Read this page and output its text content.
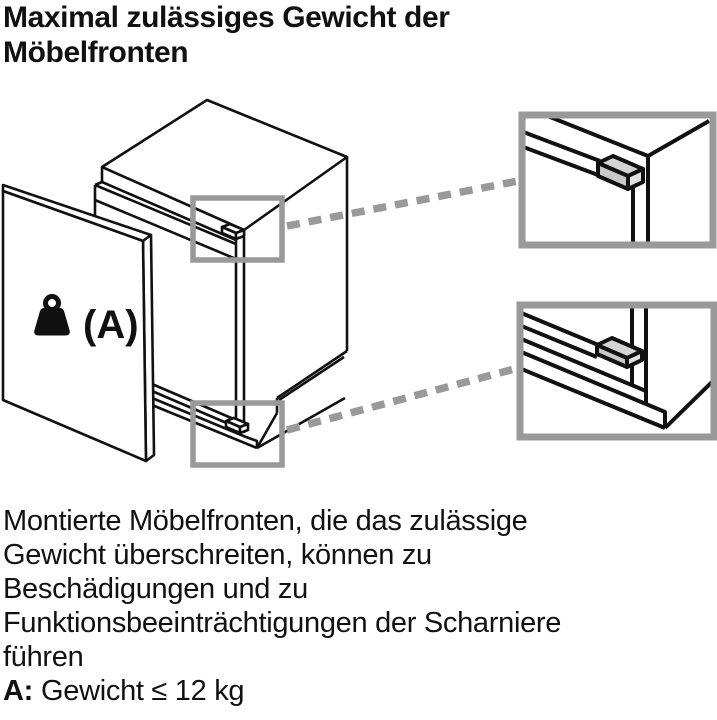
Maximal zulässiges Gewicht der
Möbelfronten
(A)
Montierte Möbelfronten, die das zulässige
Gewicht überschreiten, können zu
Beschädigungen und zu
Funktionsbeeinträchtigungen der Scharniere
führen
A: Gewicht ≤ 12 kg
